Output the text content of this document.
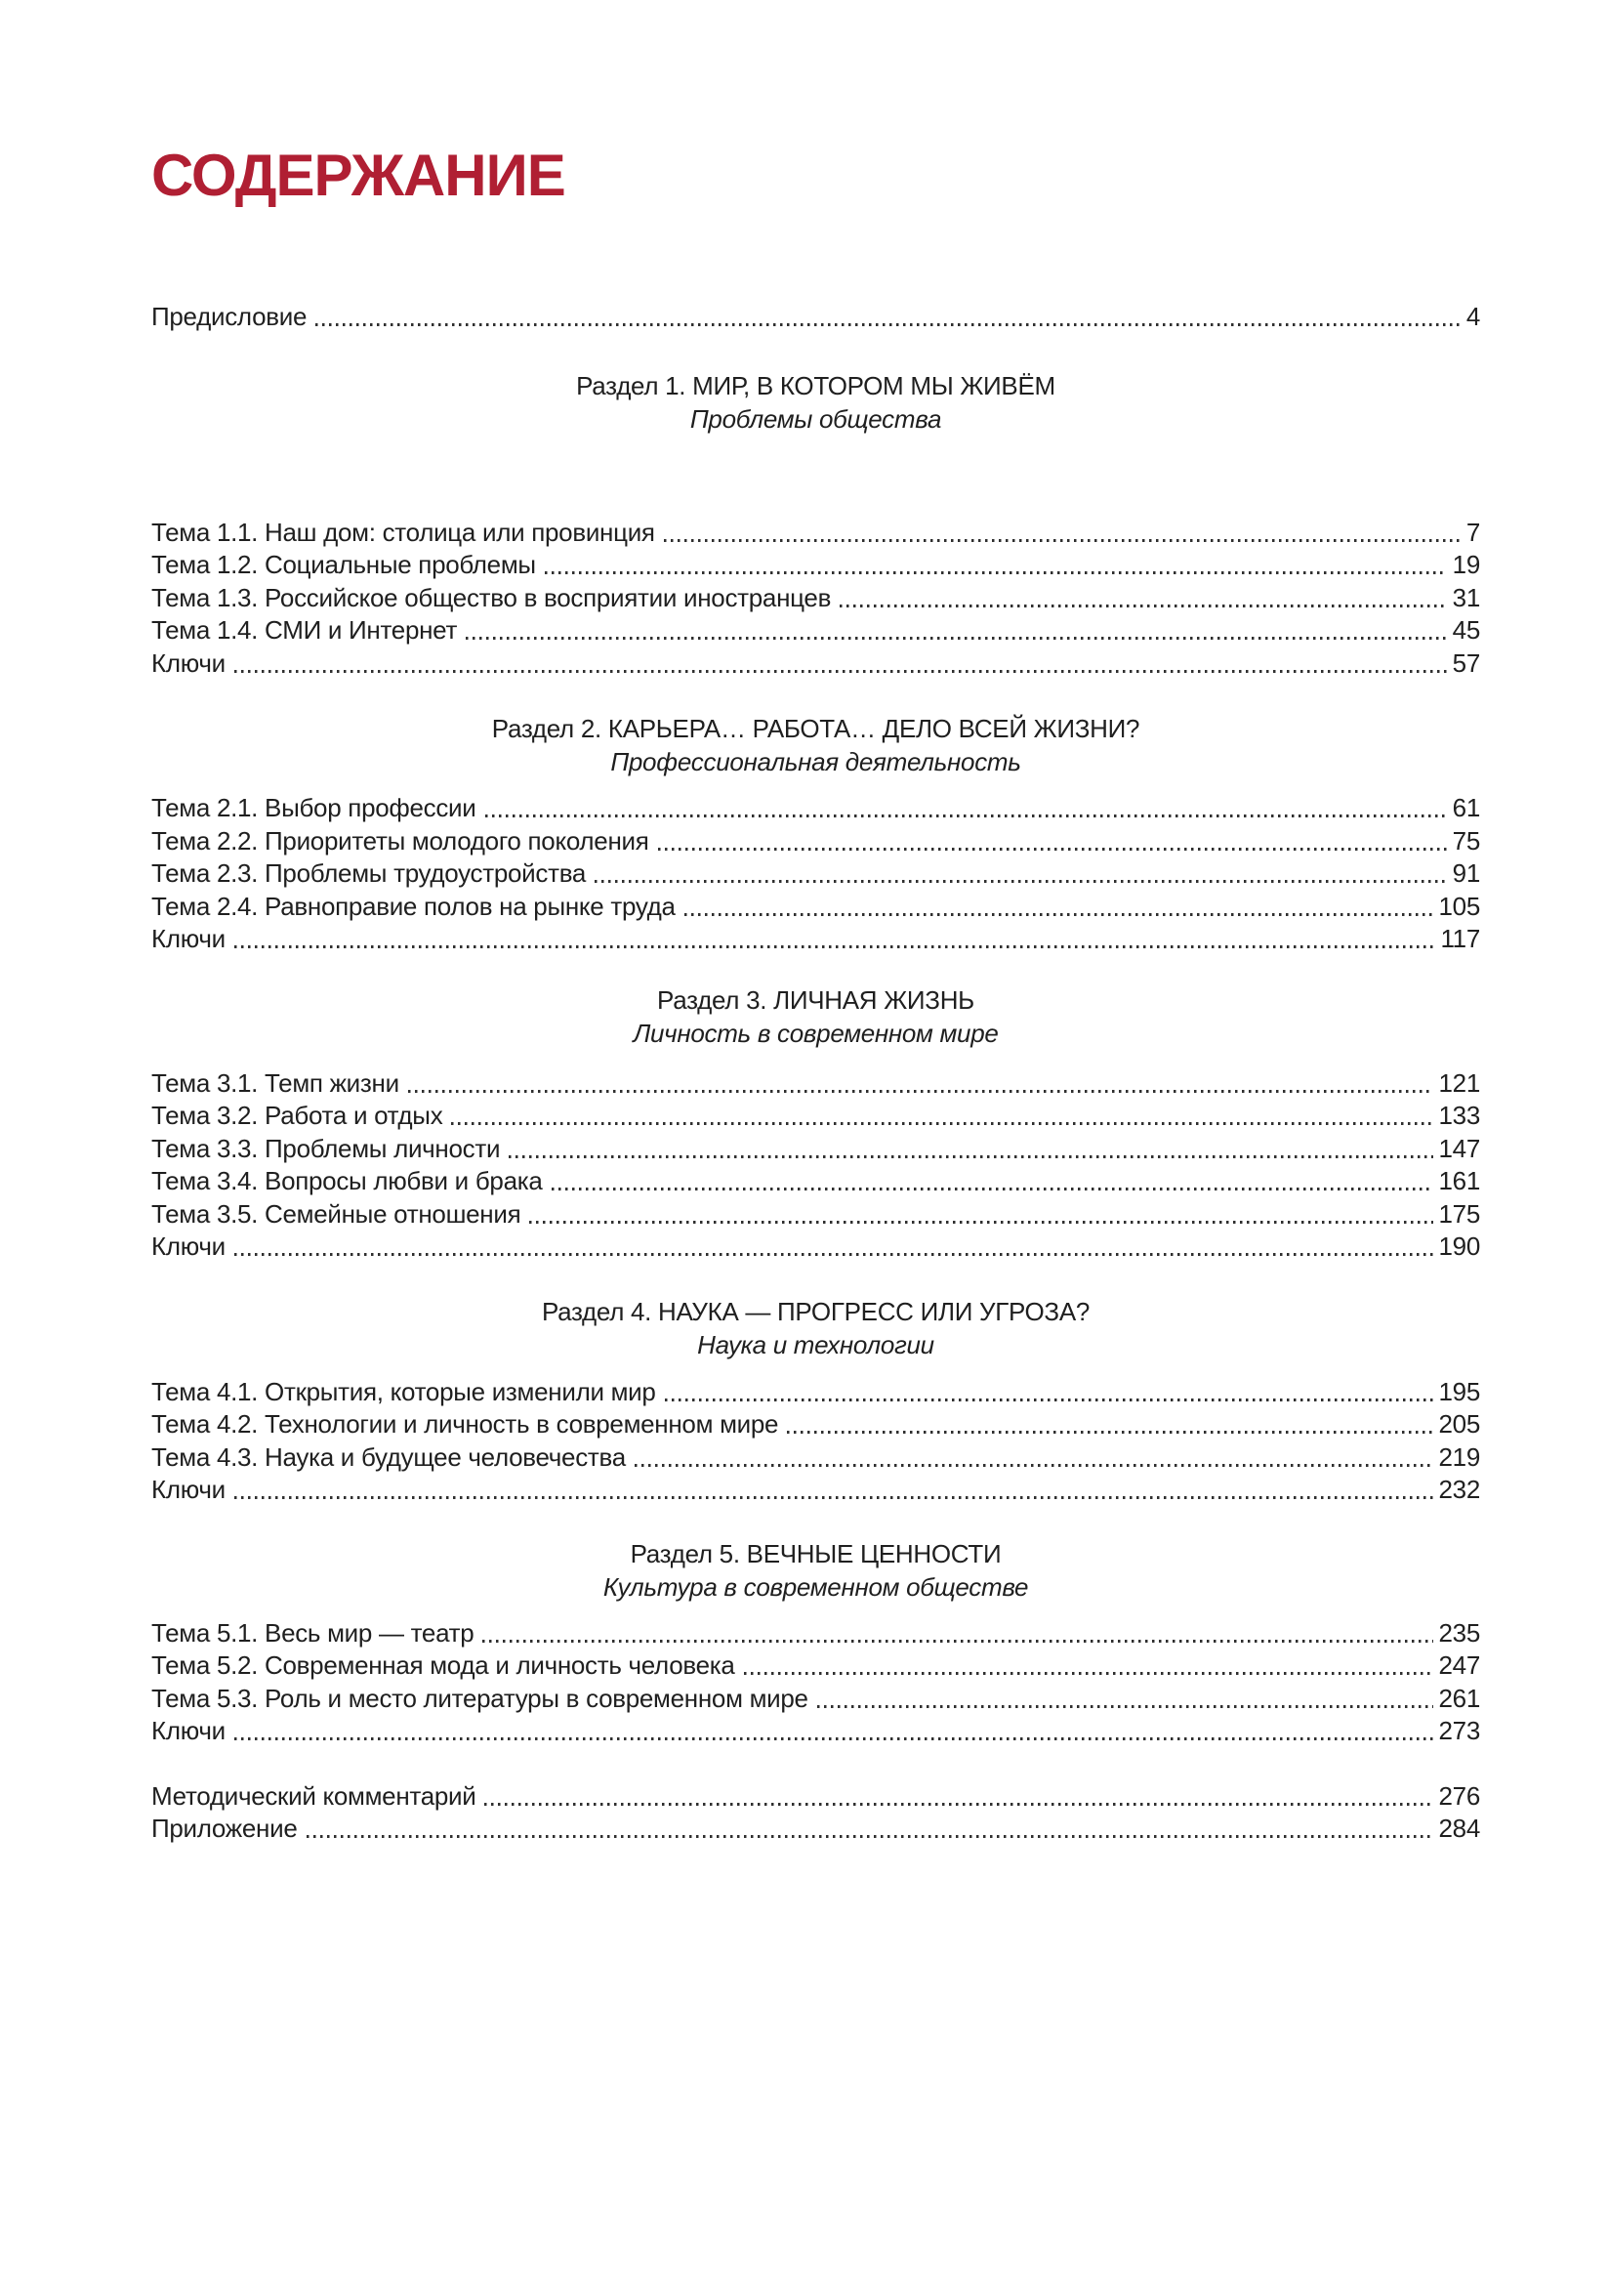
СОДЕРЖАНИЕ
Предисловие	4
Раздел 1. МИР, В КОТОРОМ МЫ ЖИВЁМ
Проблемы общества
Тема 1.1. Наш дом: столица или провинция	7
Тема 1.2. Социальные проблемы	19
Тема 1.3. Российское общество в восприятии иностранцев	31
Тема 1.4. СМИ и Интернет	45
Ключи	57
Раздел 2. КАРЬЕРА… РАБОТА… ДЕЛО ВСЕЙ ЖИЗНИ?
Профессиональная деятельность
Тема 2.1. Выбор профессии	61
Тема 2.2. Приоритеты молодого поколения	75
Тема 2.3. Проблемы трудоустройства	91
Тема 2.4. Равноправие полов на рынке труда	105
Ключи	117
Раздел 3. ЛИЧНАЯ ЖИЗНЬ
Личность в современном мире
Тема 3.1. Темп жизни	121
Тема 3.2. Работа и отдых	133
Тема 3.3. Проблемы личности	147
Тема 3.4. Вопросы любви и брака	161
Тема 3.5. Семейные отношения	175
Ключи	190
Раздел 4. НАУКА — ПРОГРЕСС ИЛИ УГРОЗА?
Наука и технологии
Тема 4.1. Открытия, которые изменили мир	195
Тема 4.2. Технологии и личность в современном мире	205
Тема 4.3. Наука и будущее человечества	219
Ключи	232
Раздел 5. ВЕЧНЫЕ ЦЕННОСТИ
Культура в современном обществе
Тема 5.1. Весь мир — театр	235
Тема 5.2. Современная мода и личность человека	247
Тема 5.3. Роль и место литературы в современном мире	261
Ключи	273
Методический комментарий	276
Приложение	284
